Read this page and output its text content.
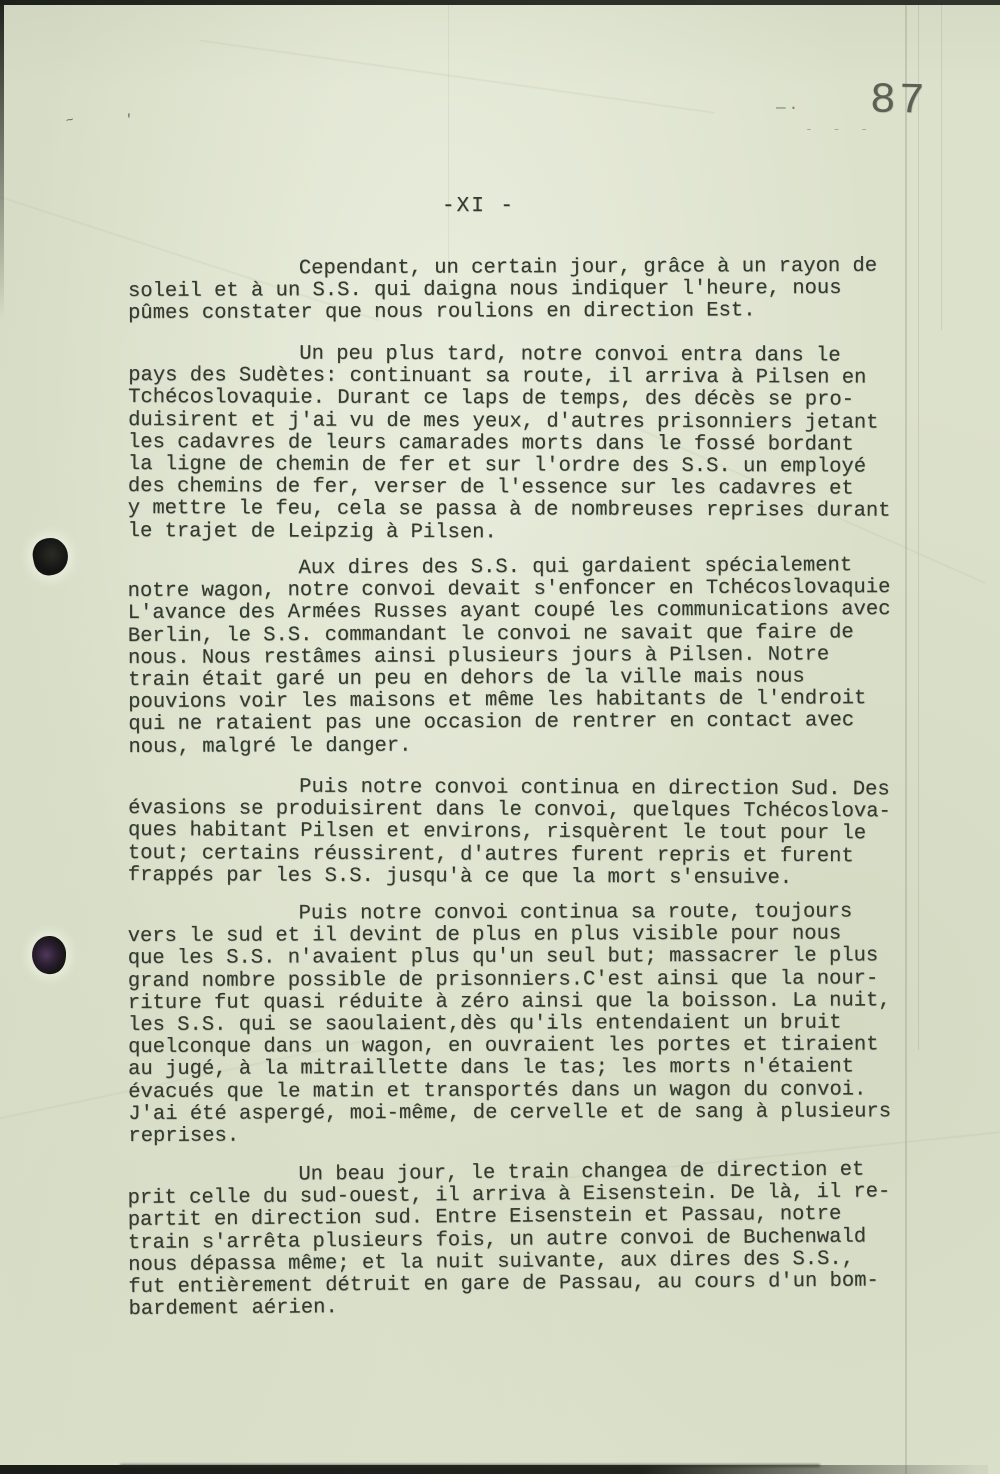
~	'
—·
- - -
87
-XI -
Cependant, un certain jour, grâce à un rayon de
soleil et à un S.S. qui daigna nous indiquer l'heure, nous
pûmes constater que nous roulions en direction Est.
Un peu plus tard, notre convoi entra dans le
pays des Sudètes: continuant sa route, il arriva à Pilsen en
Tchécoslovaquie. Durant ce laps de temps, des décès se pro-
duisirent et j'ai vu de mes yeux, d'autres prisonniers jetant
les cadavres de leurs camarades morts dans le fossé bordant
la ligne de chemin de fer et sur l'ordre des S.S. un employé
des chemins de fer, verser de l'essence sur les cadavres et
y mettre le feu, cela se passa à de nombreuses reprises durant
le trajet de Leipzig à Pilsen.
Aux dires des S.S. qui gardaient spécialement
notre wagon, notre convoi devait s'enfoncer en Tchécoslovaquie
L'avance des Armées Russes ayant coupé les communications avec
Berlin, le S.S. commandant le convoi ne savait que faire de
nous. Nous restâmes ainsi plusieurs jours à Pilsen. Notre
train était garé un peu en dehors de la ville mais nous
pouvions voir les maisons et même les habitants de l'endroit
qui ne rataient pas une occasion de rentrer en contact avec
nous, malgré le danger.
Puis notre convoi continua en direction Sud. Des
évasions se produisirent dans le convoi, quelques Tchécoslova-
ques habitant Pilsen et environs, risquèrent le tout pour le
tout; certains réussirent, d'autres furent repris et furent
frappés par les S.S. jusqu'à ce que la mort s'ensuive.
Puis notre convoi continua sa route, toujours
vers le sud et il devint de plus en plus visible pour nous
que les S.S. n'avaient plus qu'un seul but; massacrer le plus
grand nombre possible de prisonniers.C'est ainsi que la nour-
riture fut quasi réduite à zéro ainsi que la boisson. La nuit,
les S.S. qui se saoulaient,dès qu'ils entendaient un bruit
quelconque dans un wagon, en ouvraient les portes et tiraient
au jugé, à la mitraillette dans le tas; les morts n'étaient
évacués que le matin et transportés dans un wagon du convoi.
J'ai été aspergé, moi-même, de cervelle et de sang à plusieurs
reprises.
Un beau jour, le train changea de direction et
prit celle du sud-ouest, il arriva à Eisenstein. De là, il re-
partit en direction sud. Entre Eisenstein et Passau, notre
train s'arrêta plusieurs fois, un autre convoi de Buchenwald
nous dépassa même; et la nuit suivante, aux dires des S.S.,
fut entièrement détruit en gare de Passau, au cours d'un bom-
bardement aérien.
